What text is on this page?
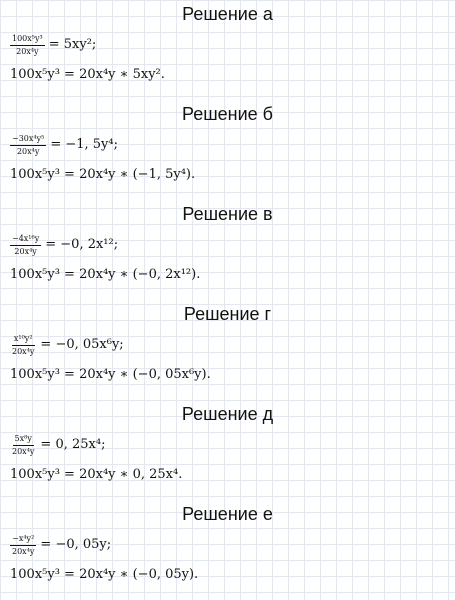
Решение а
$\frac{\text{100x⁵y³}}{\text{20x⁴y}} = 5xy^2$;
100x⁵y³ = 20x⁴y ∗ 5xy².
Решение б
$\frac{\text{−30x⁴y⁵}}{\text{20x⁴y}} = -1$, 5y⁴;
100x⁵y³ = 20x⁴y ∗ (−1, 5y⁴).
Решение в
$\frac{\text{−4x¹⁶y}}{\text{20x⁴y}} = -0$, 2x¹²;
100x⁵y³ = 20x⁴y ∗ (−0, 2x¹²).
Решение г
$\frac{\text{x¹⁰y²}}{\text{20x⁴y}} = -0$, 05x⁶y;
100x⁵y³ = 20x⁴y ∗ (−0, 05x⁶y).
Решение д
$\frac{\text{5x⁸y}}{\text{20x⁴y}} = 0$, 25x⁴;
100x⁵y³ = 20x⁴y ∗ 0, 25x⁴.
Решение е
$\frac{\text{−x⁴y²}}{\text{20x⁴y}} = -0$, 05y;
100x⁵y³ = 20x⁴y ∗ (−0, 05y).
